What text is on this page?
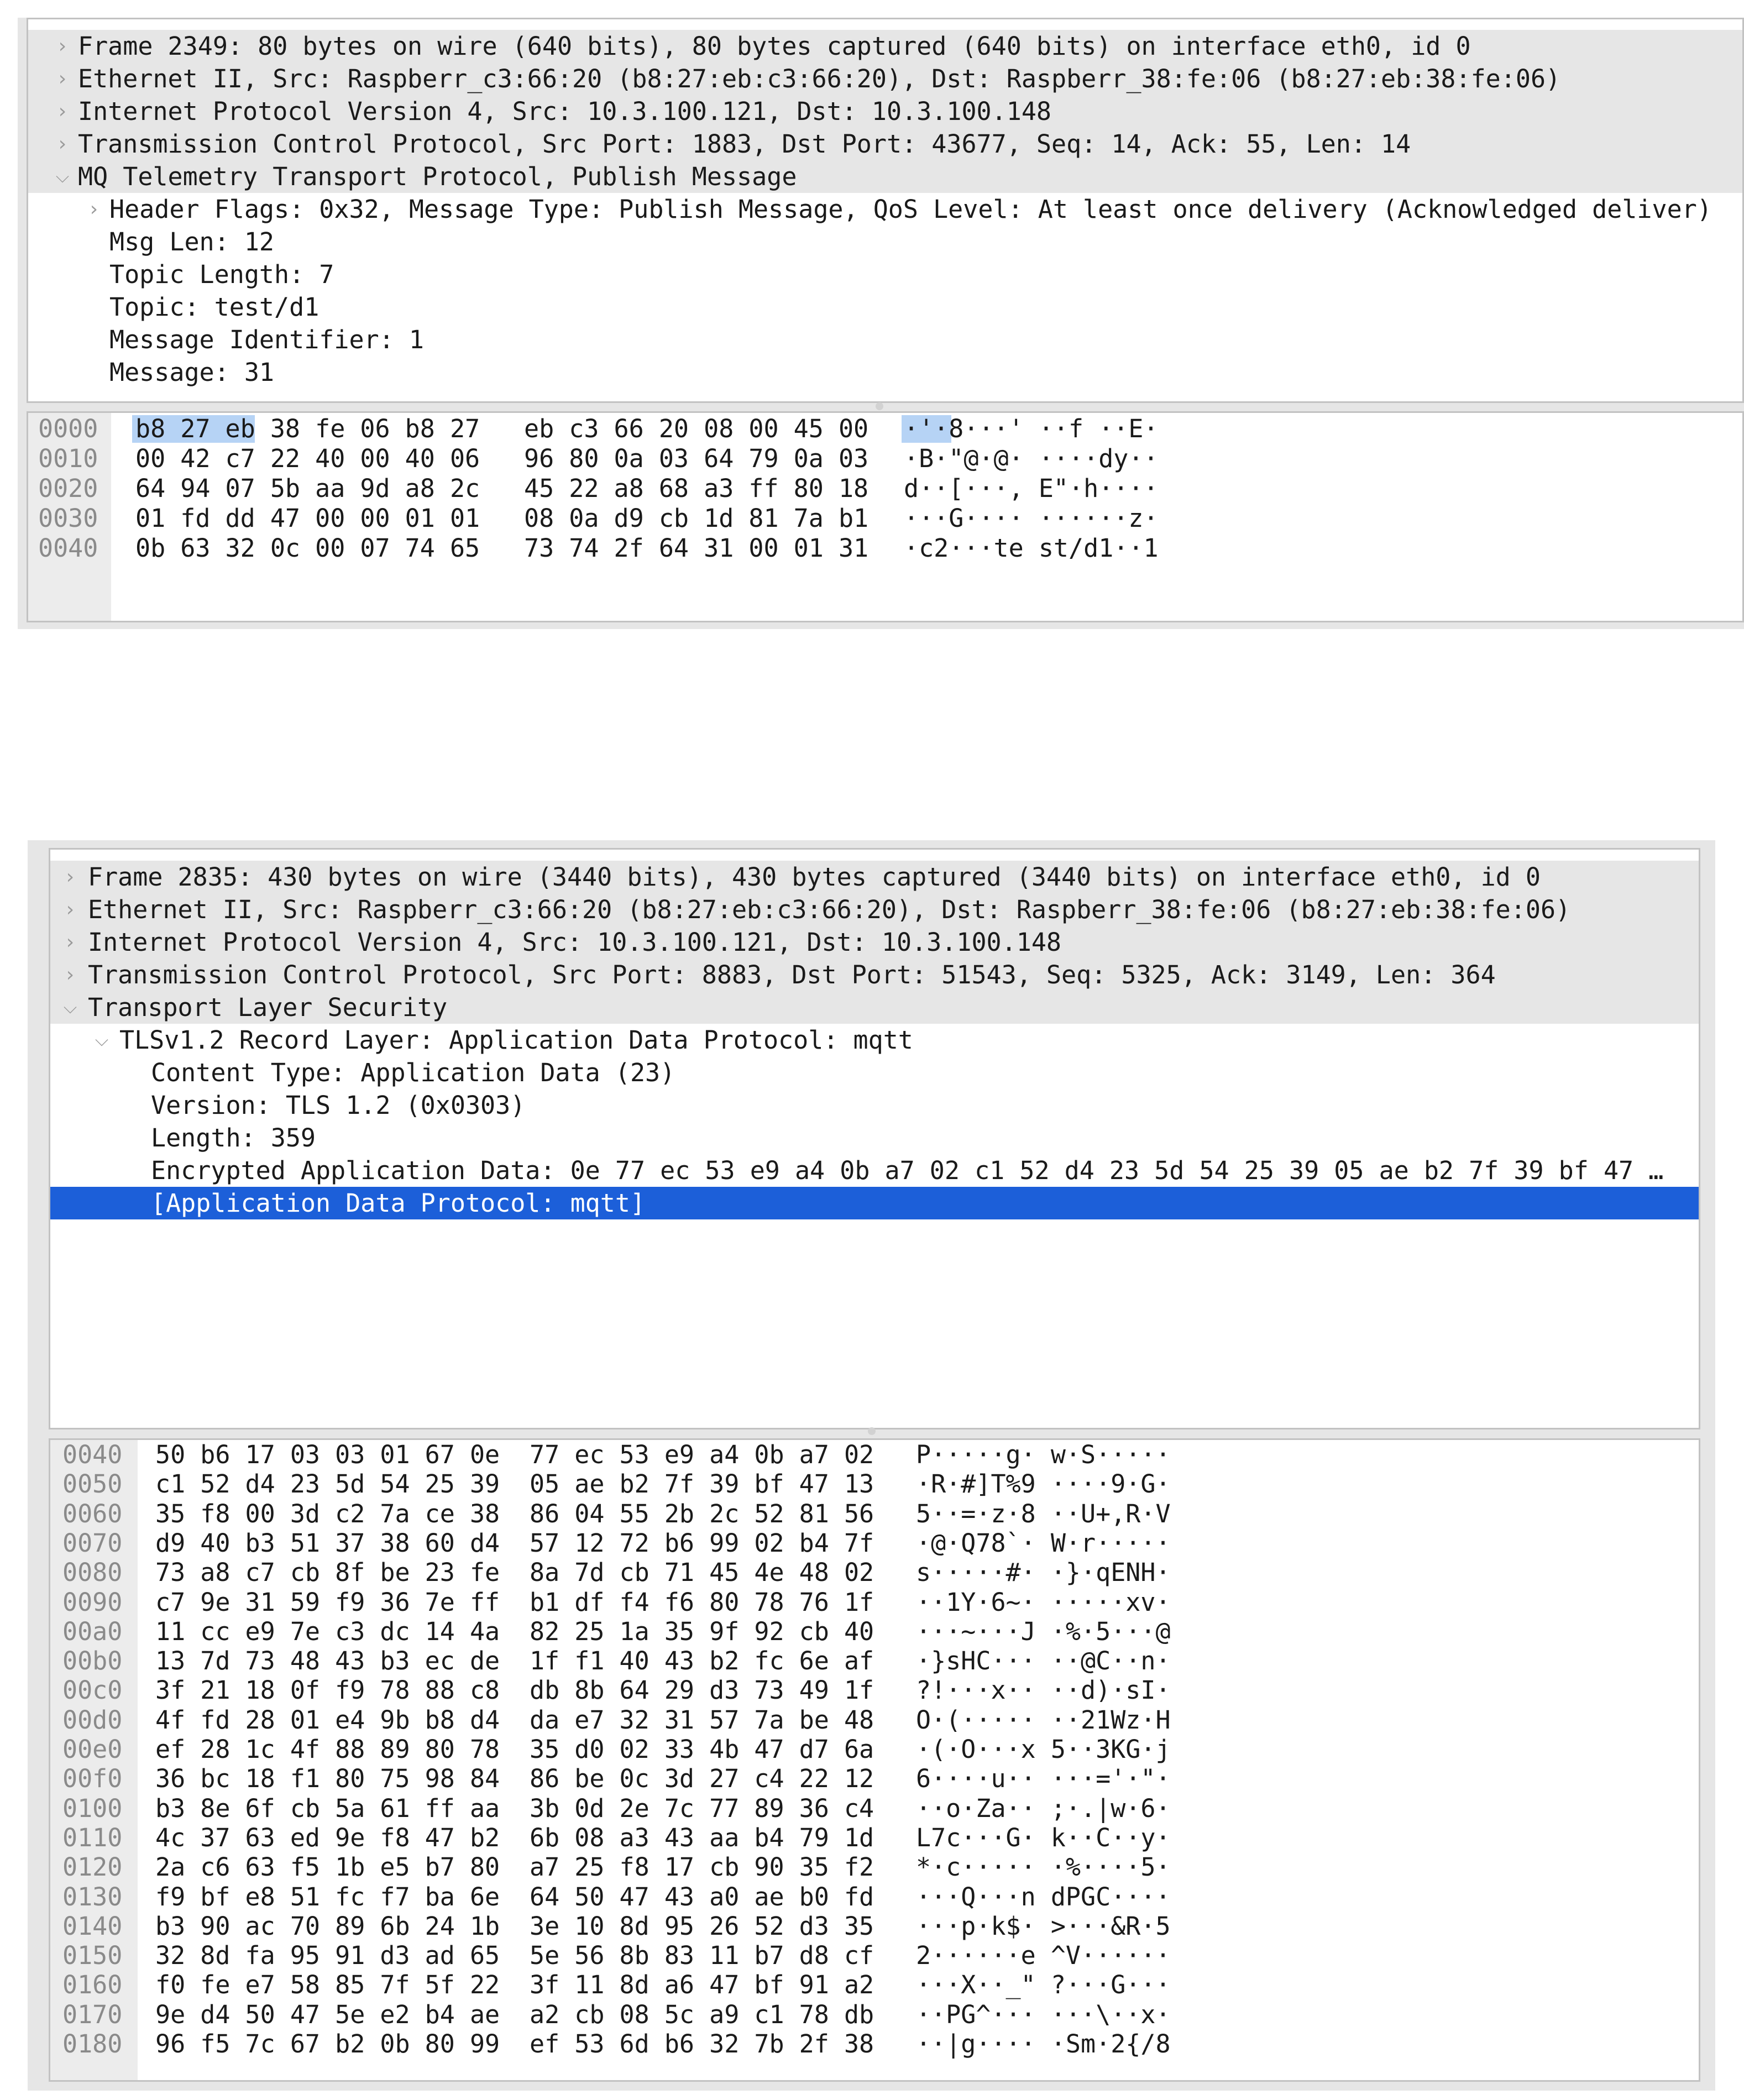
› Frame 2349: 80 bytes on wire (640 bits), 80 bytes captured (640 bits) on interface eth0, id 0
› Ethernet II, Src: Raspberr_c3:66:20 (b8:27:eb:c3:66:20), Dst: Raspberr_38:fe:06 (b8:27:eb:38:fe:06)
› Internet Protocol Version 4, Src: 10.3.100.121, Dst: 10.3.100.148
› Transmission Control Protocol, Src Port: 1883, Dst Port: 43677, Seq: 14, Ack: 55, Len: 14
⌵ MQ Telemetry Transport Protocol, Publish Message
› Header Flags: 0x32, Message Type: Publish Message, QoS Level: At least once delivery (Acknowledged deliver)
Msg Len: 12
Topic Length: 7
Topic: test/d1
Message Identifier: 1
Message: 31
0000 b8 27 eb 38 fe 06 b8 27 eb c3 66 20 08 00 45 00 ·'·8···' ··f ··E·
0010 00 42 c7 22 40 00 40 06 96 80 0a 03 64 79 0a 03 ·B·"@·@· ····dy··
0020 64 94 07 5b aa 9d a8 2c 45 22 a8 68 a3 ff 80 18 d··[···, E"·h····
0030 01 fd dd 47 00 00 01 01 08 0a d9 cb 1d 81 7a b1 ···G···· ······z·
0040 0b 63 32 0c 00 07 74 65 73 74 2f 64 31 00 01 31 ·c2···te st/d1··1
› Frame 2835: 430 bytes on wire (3440 bits), 430 bytes captured (3440 bits) on interface eth0, id 0
› Ethernet II, Src: Raspberr_c3:66:20 (b8:27:eb:c3:66:20), Dst: Raspberr_38:fe:06 (b8:27:eb:38:fe:06)
› Internet Protocol Version 4, Src: 10.3.100.121, Dst: 10.3.100.148
› Transmission Control Protocol, Src Port: 8883, Dst Port: 51543, Seq: 5325, Ack: 3149, Len: 364
⌵ Transport Layer Security
⌵ TLSv1.2 Record Layer: Application Data Protocol: mqtt
Content Type: Application Data (23)
Version: TLS 1.2 (0x0303)
Length: 359
Encrypted Application Data: 0e 77 ec 53 e9 a4 0b a7 02 c1 52 d4 23 5d 54 25 39 05 ae b2 7f 39 bf 47 …
[Application Data Protocol: mqtt]
0040 50 b6 17 03 03 01 67 0e 77 ec 53 e9 a4 0b a7 02 P·····g· w·S·····
0050 c1 52 d4 23 5d 54 25 39 05 ae b2 7f 39 bf 47 13 ·R·#]T%9 ····9·G·
0060 35 f8 00 3d c2 7a ce 38 86 04 55 2b 2c 52 81 56 5··=·z·8 ··U+,R·V
0070 d9 40 b3 51 37 38 60 d4 57 12 72 b6 99 02 b4 7f ·@·Q78`· W·r·····
0080 73 a8 c7 cb 8f be 23 fe 8a 7d cb 71 45 4e 48 02 s·····#· ·}·qENH·
0090 c7 9e 31 59 f9 36 7e ff b1 df f4 f6 80 78 76 1f ··1Y·6~· ·····xv·
00a0 11 cc e9 7e c3 dc 14 4a 82 25 1a 35 9f 92 cb 40 ···~···J ·%·5···@
00b0 13 7d 73 48 43 b3 ec de 1f f1 40 43 b2 fc 6e af ·}sHC··· ··@C··n·
00c0 3f 21 18 0f f9 78 88 c8 db 8b 64 29 d3 73 49 1f ?!···x·· ··d)·sI·
00d0 4f fd 28 01 e4 9b b8 d4 da e7 32 31 57 7a be 48 O·(····· ··21Wz·H
00e0 ef 28 1c 4f 88 89 80 78 35 d0 02 33 4b 47 d7 6a ·(·O···x 5··3KG·j
00f0 36 bc 18 f1 80 75 98 84 86 be 0c 3d 27 c4 22 12 6····u·· ···='·"·
0100 b3 8e 6f cb 5a 61 ff aa 3b 0d 2e 7c 77 89 36 c4 ··o·Za·· ;·.|w·6·
0110 4c 37 63 ed 9e f8 47 b2 6b 08 a3 43 aa b4 79 1d L7c···G· k··C··y·
0120 2a c6 63 f5 1b e5 b7 80 a7 25 f8 17 cb 90 35 f2 *·c····· ·%····5·
0130 f9 bf e8 51 fc f7 ba 6e 64 50 47 43 a0 ae b0 fd ···Q···n dPGC····
0140 b3 90 ac 70 89 6b 24 1b 3e 10 8d 95 26 52 d3 35 ···p·k$· >···&R·5
0150 32 8d fa 95 91 d3 ad 65 5e 56 8b 83 11 b7 d8 cf 2······e ^V······
0160 f0 fe e7 58 85 7f 5f 22 3f 11 8d a6 47 bf 91 a2 ···X··_" ?···G···
0170 9e d4 50 47 5e e2 b4 ae a2 cb 08 5c a9 c1 78 db ··PG^··· ···\··x·
0180 96 f5 7c 67 b2 0b 80 99 ef 53 6d b6 32 7b 2f 38 ··|g···· ·Sm·2{/8
